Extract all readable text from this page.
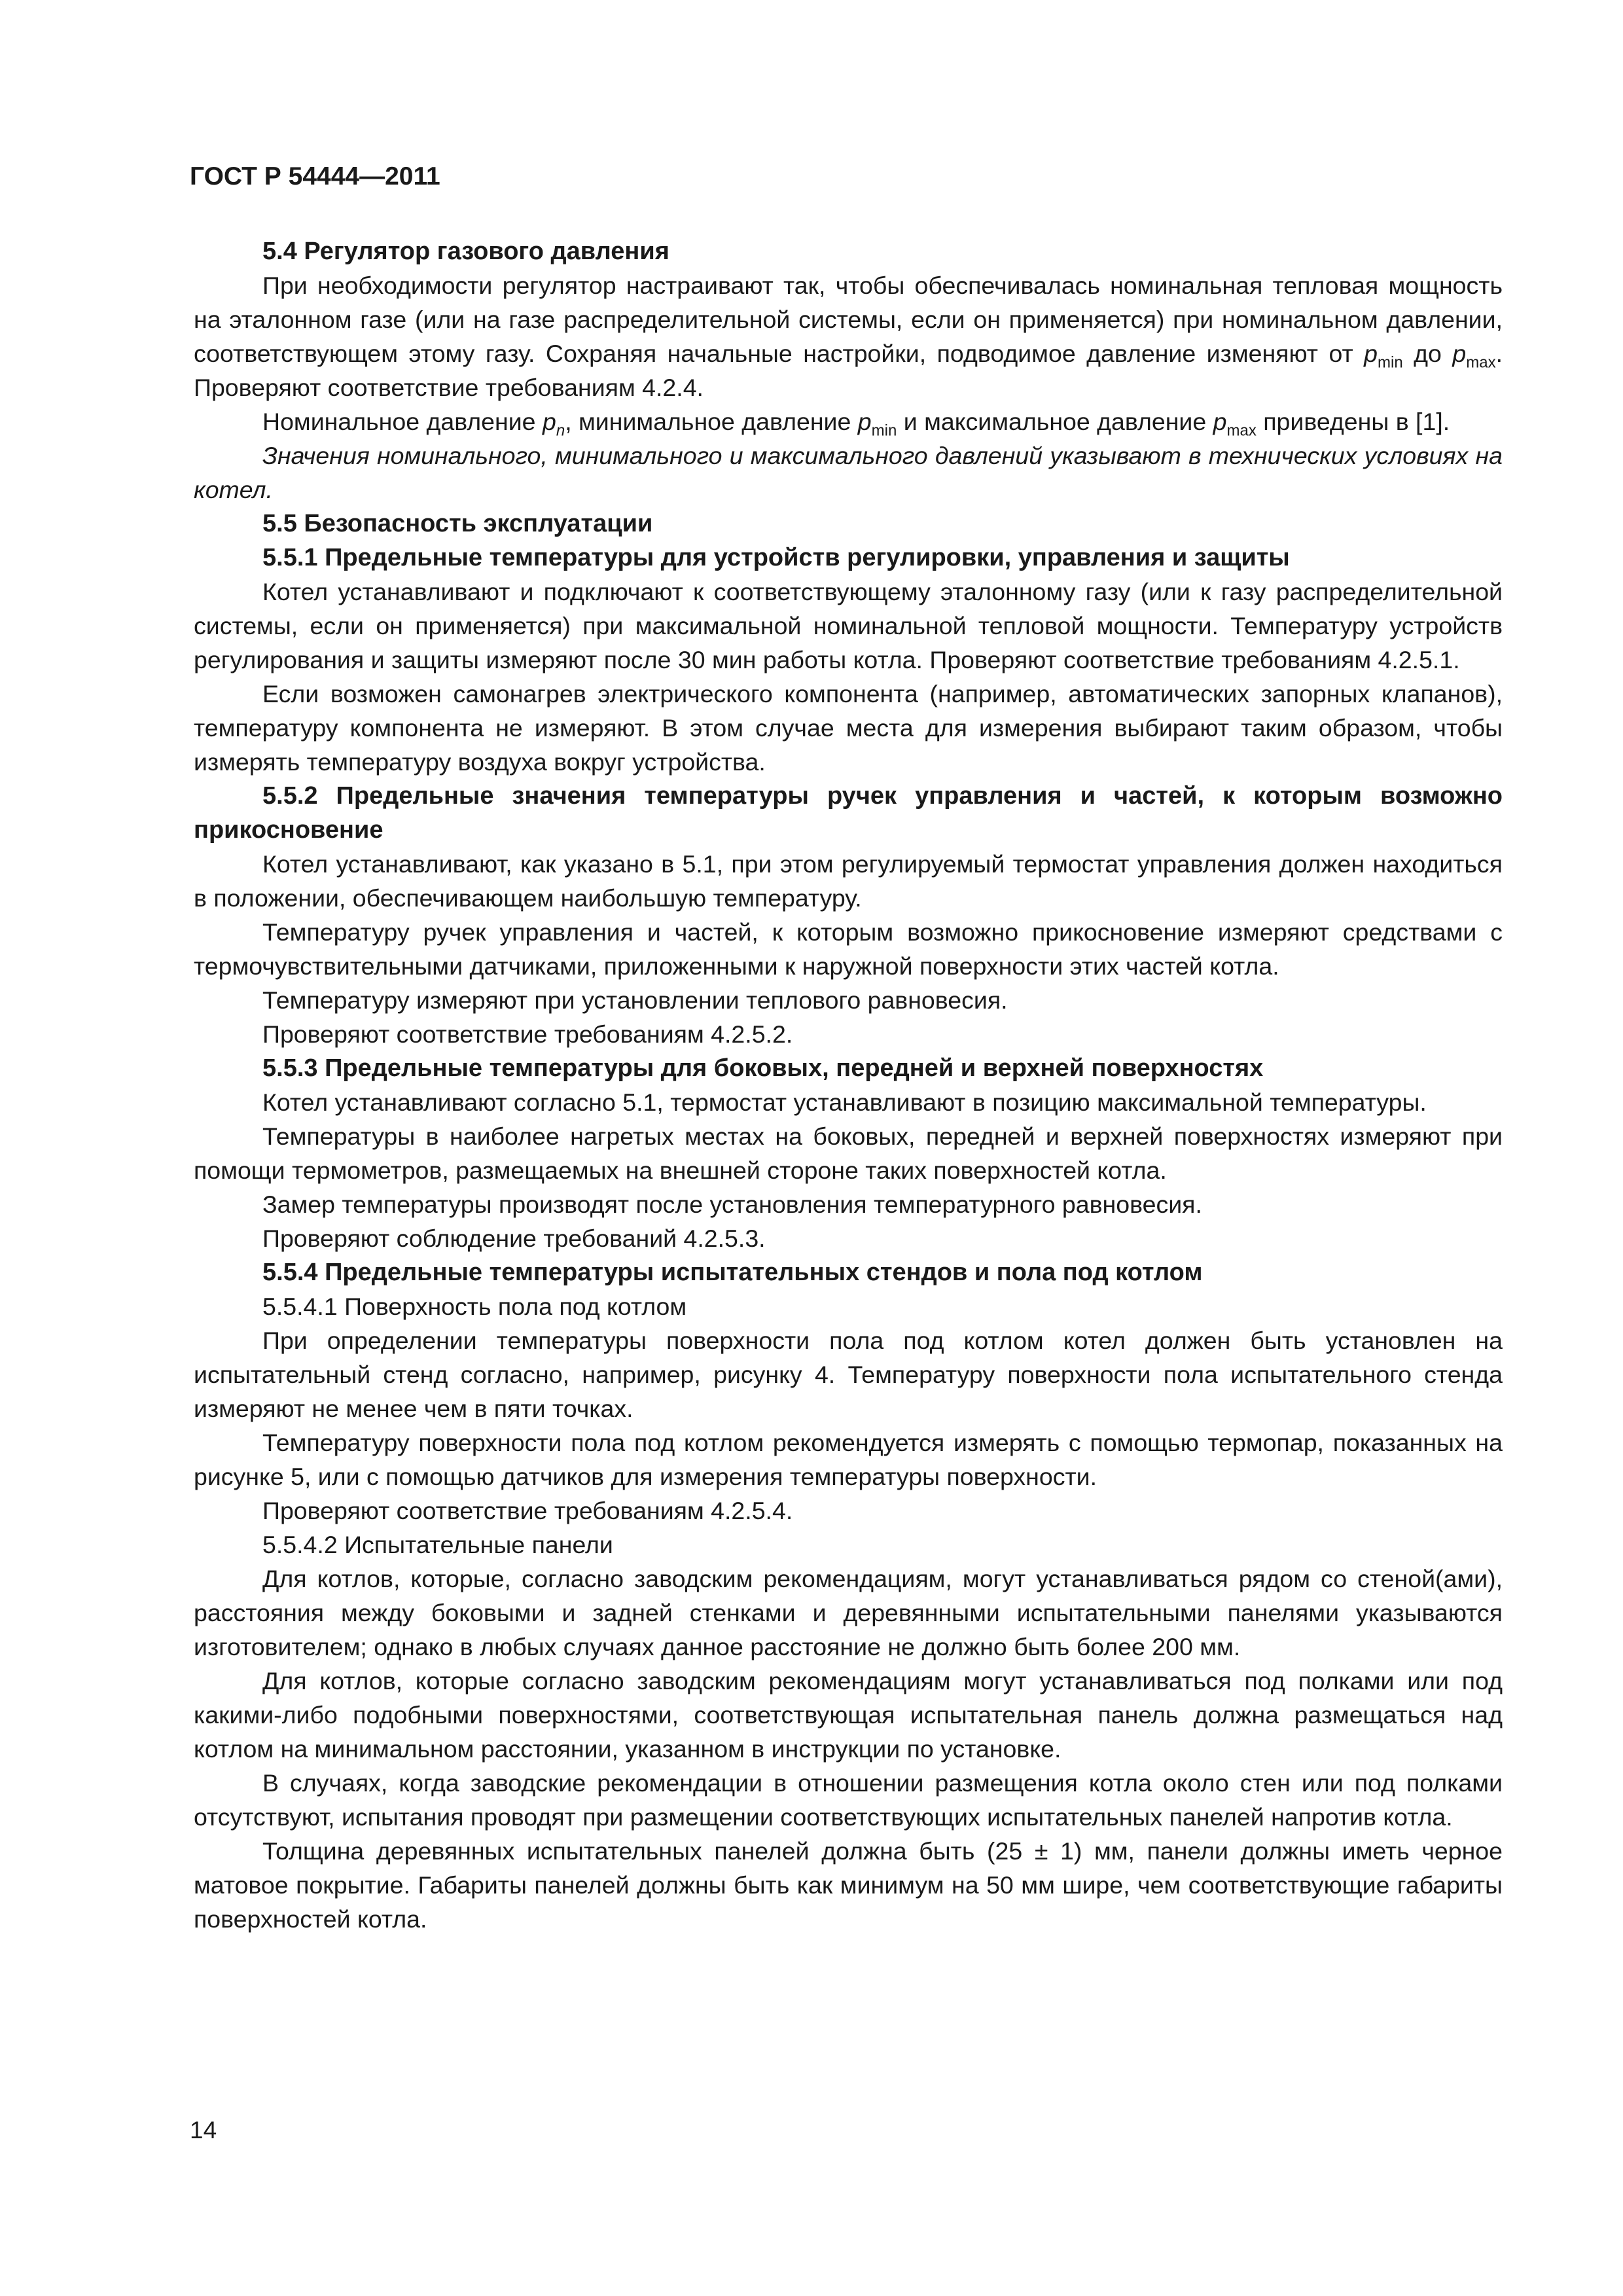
ГОСТ Р 54444—2011
5.4 Регулятор газового давления

При необходимости регулятор настраивают так, чтобы обеспечивалась номинальная тепловая мощность на эталонном газе (или на газе распределительной системы, если он применяется) при номинальном давлении, соответствующем этому газу. Сохраняя начальные настройки, подводимое давление изменяют от $p_{min}$ до $p_{max}$. Проверяют соответствие требованиям 4.2.4.

Номинальное давление $p_n$, минимальное давление $p_{min}$ и максимальное давление $p_{max}$ приведены в [1].

Значения номинального, минимального и максимального давлений указывают в технических условиях на котел.

5.5 Безопасность эксплуатации
5.5.1 Предельные температуры для устройств регулировки, управления и защиты

Котел устанавливают и подключают к соответствующему эталонному газу (или к газу распределительной системы, если он применяется) при максимальной номинальной тепловой мощности. Температуру устройств регулирования и защиты измеряют после 30 мин работы котла. Проверяют соответствие требованиям 4.2.5.1.

Если возможен самонагрев электрического компонента (например, автоматических запорных клапанов), температуру компонента не измеряют. В этом случае места для измерения выбирают таким образом, чтобы измерять температуру воздуха вокруг устройства.

5.5.2 Предельные значения температуры ручек управления и частей, к которым возможно прикосновение

Котел устанавливают, как указано в 5.1, при этом регулируемый термостат управления должен находиться в положении, обеспечивающем наибольшую температуру.

Температуру ручек управления и частей, к которым возможно прикосновение измеряют средствами с термочувствительными датчиками, приложенными к наружной поверхности этих частей котла.

Температуру измеряют при установлении теплового равновесия.

Проверяют соответствие требованиям 4.2.5.2.

5.5.3 Предельные температуры для боковых, передней и верхней поверхностях

Котел устанавливают согласно 5.1, термостат устанавливают в позицию максимальной температуры.

Температуры в наиболее нагретых местах на боковых, передней и верхней поверхностях измеряют при помощи термометров, размещаемых на внешней стороне таких поверхностей котла.

Замер температуры производят после установления температурного равновесия.

Проверяют соблюдение требований 4.2.5.3.

5.5.4 Предельные температуры испытательных стендов и пола под котлом

5.5.4.1 Поверхность пола под котлом

При определении температуры поверхности пола под котлом котел должен быть установлен на испытательный стенд согласно, например, рисунку 4. Температуру поверхности пола испытательного стенда измеряют не менее чем в пяти точках.

Температуру поверхности пола под котлом рекомендуется измерять с помощью термопар, показанных на рисунке 5, или с помощью датчиков для измерения температуры поверхности.

Проверяют соответствие требованиям 4.2.5.4.

5.5.4.2 Испытательные панели

Для котлов, которые, согласно заводским рекомендациям, могут устанавливаться рядом со стеной(ами), расстояния между боковыми и задней стенками и деревянными испытательными панелями указываются изготовителем; однако в любых случаях данное расстояние не должно быть более 200 мм.

Для котлов, которые согласно заводским рекомендациям могут устанавливаться под полками или под какими-либо подобными поверхностями, соответствующая испытательная панель должна размещаться над котлом на минимальном расстоянии, указанном в инструкции по установке.

В случаях, когда заводские рекомендации в отношении размещения котла около стен или под полками отсутствуют, испытания проводят при размещении соответствующих испытательных панелей напротив котла.

Толщина деревянных испытательных панелей должна быть (25 ± 1) мм, панели должны иметь черное матовое покрытие. Габариты панелей должны быть как минимум на 50 мм шире, чем соответствующие габариты поверхностей котла.

14
